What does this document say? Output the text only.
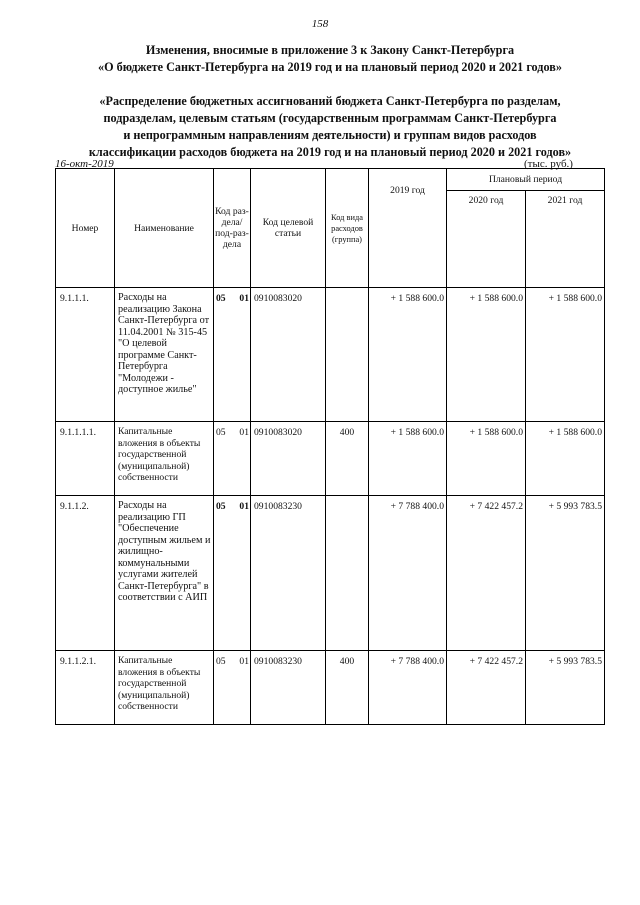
158
Изменения, вносимые в приложение 3 к Закону Санкт-Петербурга
«О бюджете Санкт-Петербурга на 2019 год и на плановый период 2020 и 2021 годов»
«Распределение бюджетных ассигнований бюджета Санкт-Петербурга по разделам,
подразделам, целевым статьям (государственным программам Санкт-Петербурга
и непрограммным направлениям деятельности) и группам видов расходов
классификации расходов бюджета на 2019 год и на плановый период 2020 и 2021 годов»
16-окт-2019	(тыс. руб.)
Номер	Наименование	Код раз-дела/ под-раз-дела	Код целевой статьи	Код вида расходов (группа)	2019 год	Плановый период	
						2020 год	2021 год
9.1.1.1.	Расходы на реализацию Закона Санкт-Петербурга от 11.04.2001 № 315-45 "О целевой программе Санкт-Петербурга "Молодежи - доступное жилье"	05 01	0910083020		+ 1 588 600.0	+ 1 588 600.0	+ 1 588 600.0
9.1.1.1.1.	Капитальные вложения в объекты государственной (муниципальной) собственности	05 01	0910083020	400	+ 1 588 600.0	+ 1 588 600.0	+ 1 588 600.0
9.1.1.2.	Расходы на реализацию ГП "Обеспечение доступным жильем и жилищно-коммунальными услугами жителей Санкт-Петербурга" в соответствии с АИП	05 01	0910083230		+ 7 788 400.0	+ 7 422 457.2	+ 5 993 783.5
9.1.1.2.1.	Капитальные вложения в объекты государственной (муниципальной) собственности	05 01	0910083230	400	+ 7 788 400.0	+ 7 422 457.2	+ 5 993 783.5
